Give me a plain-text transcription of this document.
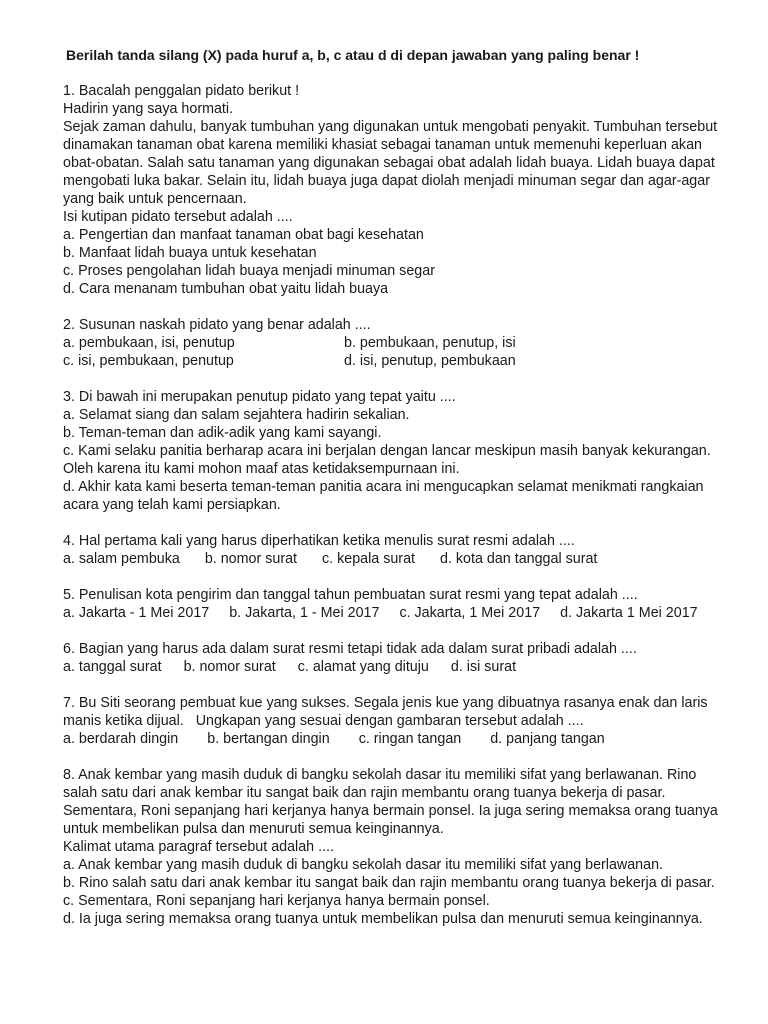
Berilah tanda silang (X) pada huruf a, b, c atau d di depan jawaban yang paling benar !
1. Bacalah penggalan pidato berikut !
Hadirin yang saya hormati.
Sejak zaman dahulu, banyak tumbuhan yang digunakan untuk mengobati penyakit. Tumbuhan tersebut dinamakan tanaman obat karena memiliki khasiat sebagai tanaman untuk memenuhi keperluan akan obat-obatan. Salah satu tanaman yang digunakan sebagai obat adalah lidah buaya. Lidah buaya dapat mengobati luka bakar. Selain itu, lidah buaya juga dapat diolah menjadi minuman segar dan agar-agar yang baik untuk pencernaan.
Isi kutipan pidato tersebut adalah ....
a. Pengertian dan manfaat tanaman obat bagi kesehatan
b. Manfaat lidah buaya untuk kesehatan
c. Proses pengolahan lidah buaya menjadi minuman segar
d. Cara menanam tumbuhan obat yaitu lidah buaya
2. Susunan naskah pidato yang benar adalah ....
a. pembukaan, isi, penutup	b. pembukaan, penutup, isi
c. isi, pembukaan, penutup	d. isi, penutup, pembukaan
3. Di bawah ini merupakan penutup pidato yang tepat yaitu ....
a. Selamat siang dan salam sejahtera hadirin sekalian.
b. Teman-teman dan adik-adik yang kami sayangi.
c. Kami selaku panitia berharap acara ini berjalan dengan lancar meskipun masih banyak kekurangan. Oleh karena itu kami mohon maaf atas ketidaksempurnaan ini.
d. Akhir kata kami beserta teman-teman panitia acara ini mengucapkan selamat menikmati rangkaian acara yang telah kami persiapkan.
4. Hal pertama kali yang harus diperhatikan ketika menulis surat resmi adalah ....
a. salam pembuka b. nomor surat c. kepala surat d. kota dan tanggal surat
5. Penulisan kota pengirim dan tanggal tahun pembuatan surat resmi yang tepat adalah ....
a. Jakarta - 1 Mei 2017 b. Jakarta, 1 - Mei 2017 c. Jakarta, 1 Mei 2017 d. Jakarta 1 Mei 2017
6. Bagian yang harus ada dalam surat resmi tetapi tidak ada dalam surat pribadi adalah ....
a. tanggal surat b. nomor surat c. alamat yang dituju d. isi surat
7. Bu Siti seorang pembuat kue yang sukses. Segala jenis kue yang dibuatnya rasanya enak dan laris manis ketika dijual.   Ungkapan yang sesuai dengan gambaran tersebut adalah ....
a. berdarah dingin b. bertangan dingin c. ringan tangan d. panjang tangan
8. Anak kembar yang masih duduk di bangku sekolah dasar itu memiliki sifat yang berlawanan. Rino salah satu dari anak kembar itu sangat baik dan rajin membantu orang tuanya bekerja di pasar. Sementara, Roni sepanjang hari kerjanya hanya bermain ponsel. Ia juga sering memaksa orang tuanya untuk membelikan pulsa dan menuruti semua keinginannya.
Kalimat utama paragraf tersebut adalah ....
a. Anak kembar yang masih duduk di bangku sekolah dasar itu memiliki sifat yang berlawanan.
b. Rino salah satu dari anak kembar itu sangat baik dan rajin membantu orang tuanya bekerja di pasar.
c. Sementara, Roni sepanjang hari kerjanya hanya bermain ponsel.
d. Ia juga sering memaksa orang tuanya untuk membelikan pulsa dan menuruti semua keinginannya.
